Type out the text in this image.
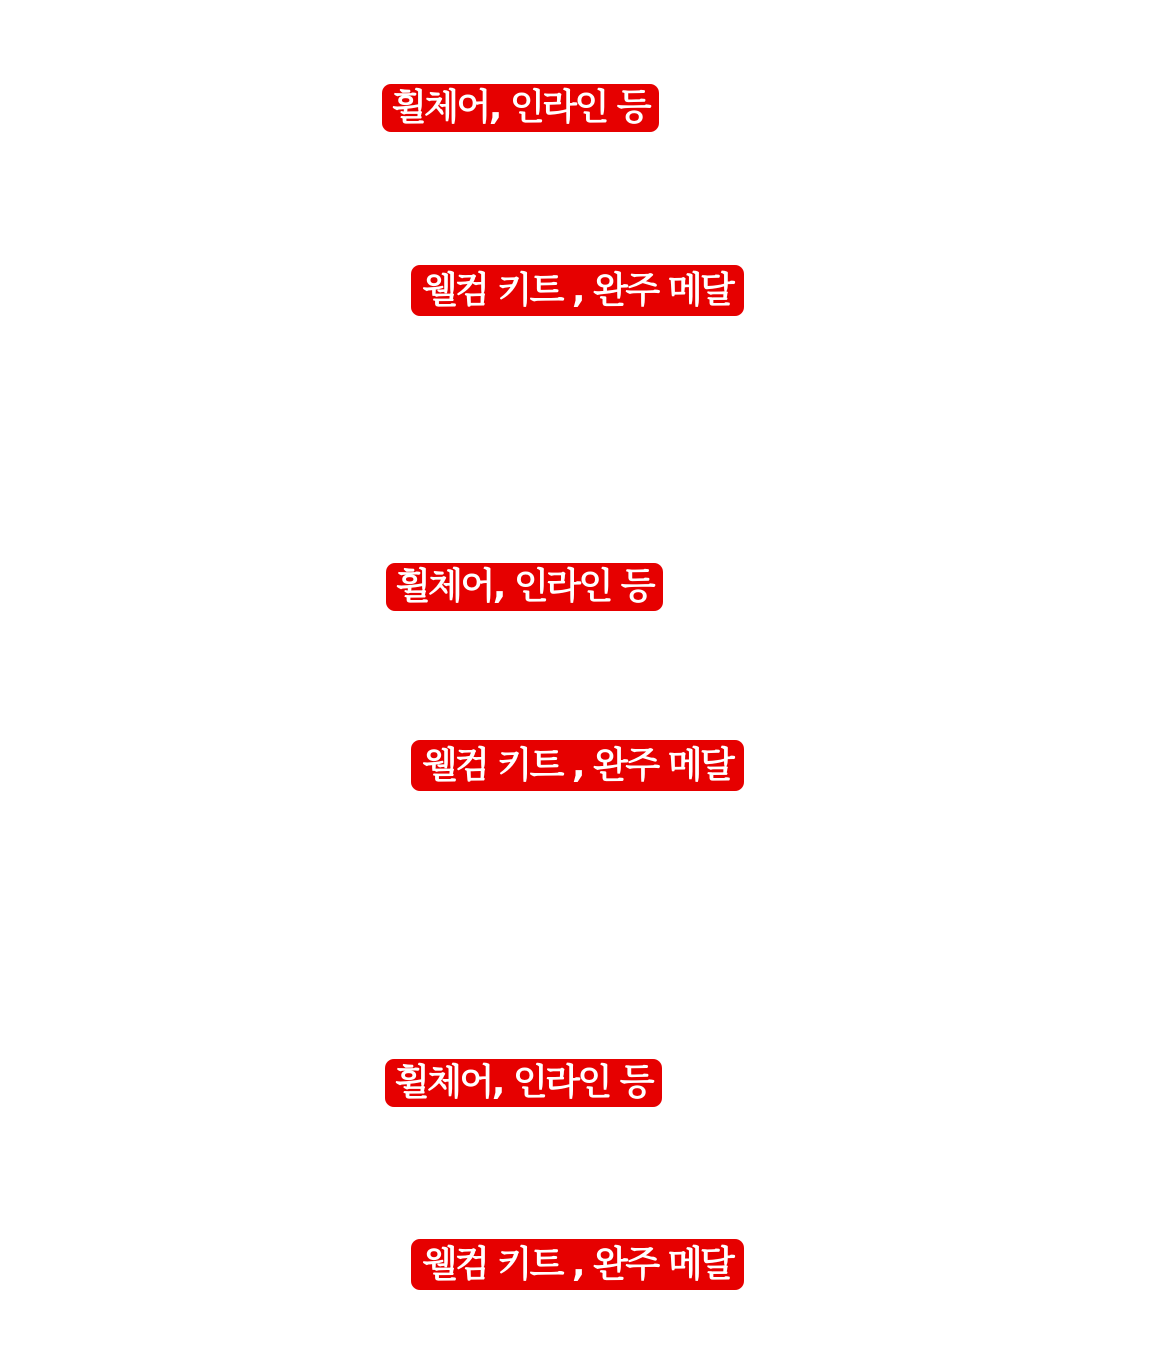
휠체어, 인라인 등
웰컴 키트 , 완주 메달
휠체어, 인라인 등
웰컴 키트 , 완주 메달
휠체어, 인라인 등
웰컴 키트 , 완주 메달
